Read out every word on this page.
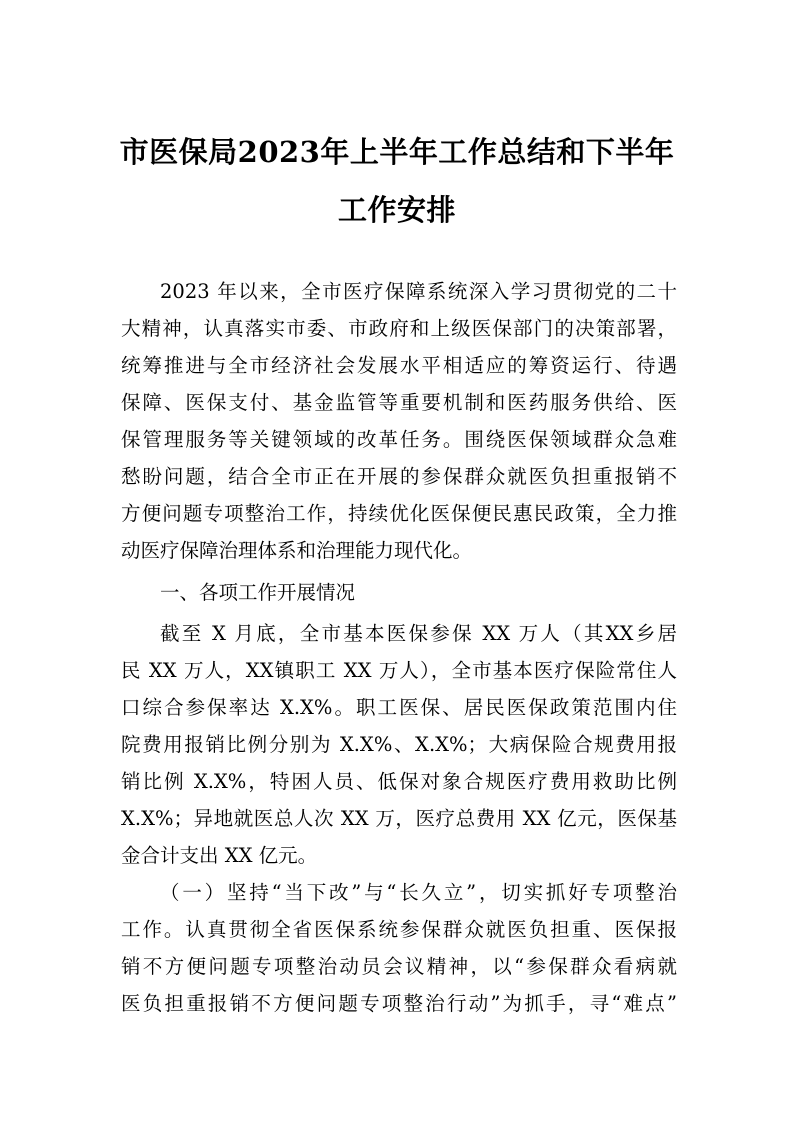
市医保局2023年上半年工作总结和下半年
工作安排
2023 年以来，全市医疗保障系统深入学习贯彻党的二十
大精神，认真落实市委、市政府和上级医保部门的决策部署，
统筹推进与全市经济社会发展水平相适应的筹资运行、待遇
保障、医保支付、基金监管等重要机制和医药服务供给、医
保管理服务等关键领域的改革任务。围绕医保领域群众急难
愁盼问题，结合全市正在开展的参保群众就医负担重报销不
方便问题专项整治工作，持续优化医保便民惠民政策，全力推
动医疗保障治理体系和治理能力现代化。
一、各项工作开展情况
截至 X 月底，全市基本医保参保 XX 万人（其XX乡居
民 XX 万人，XX镇职工 XX 万人），全市基本医疗保险常住人
口综合参保率达 X.X%。职工医保、居民医保政策范围内住
院费用报销比例分别为 X.X%、X.X%；大病保险合规费用报
销比例 X.X%，特困人员、低保对象合规医疗费用救助比例
X.X%；异地就医总人次 XX 万，医疗总费用 XX 亿元，医保基
金合计支出 XX 亿元。
（一）坚持“当下改”与“长久立”，切实抓好专项整治
工作。认真贯彻全省医保系统参保群众就医负担重、医保报
销不方便问题专项整治动员会议精神，以“参保群众看病就
医负担重报销不方便问题专项整治行动”为抓手，寻“难点”
